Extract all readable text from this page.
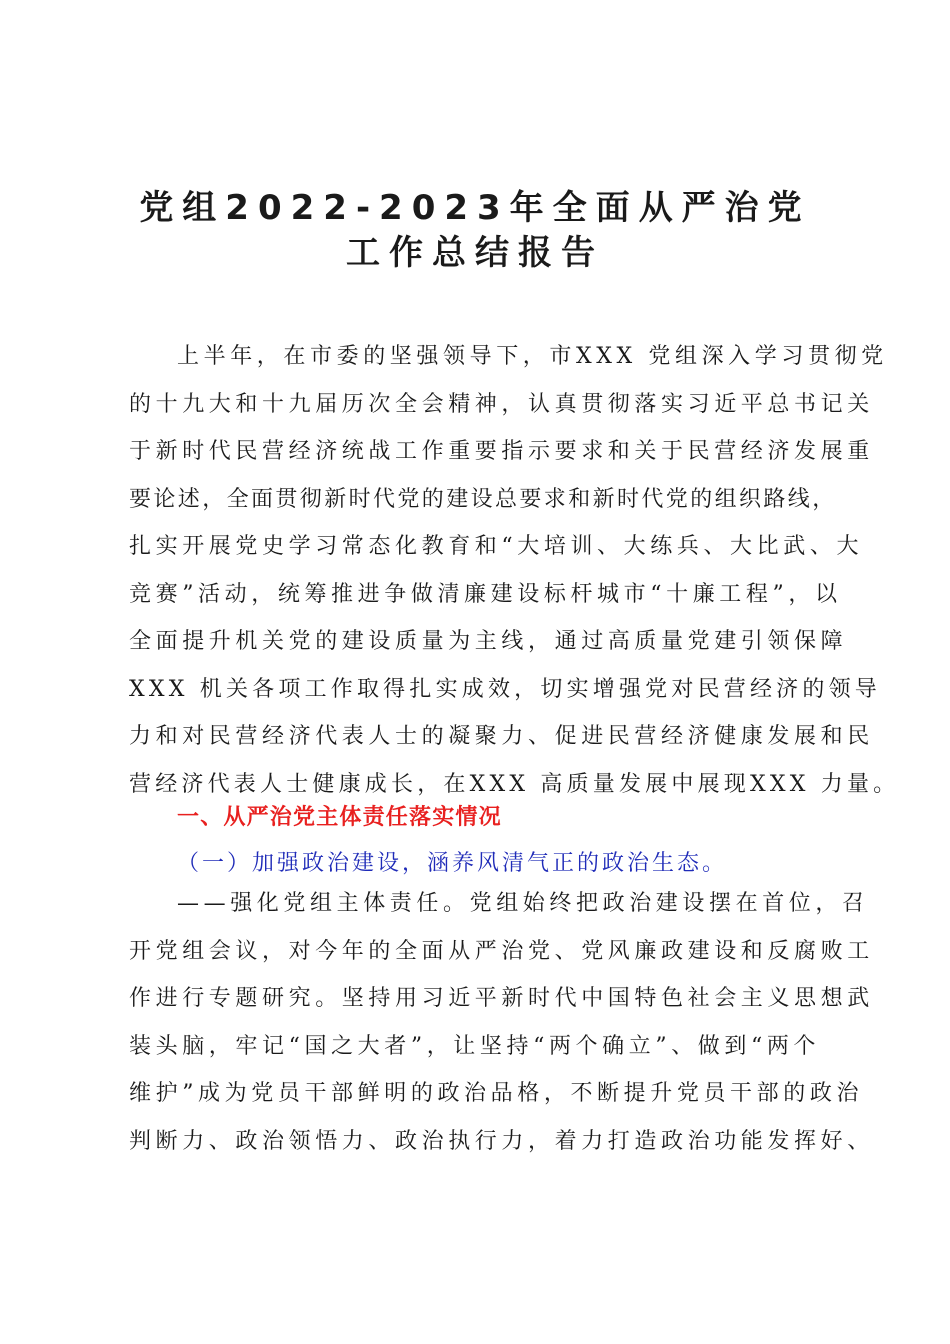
党组2022-2023年全面从严治党
工作总结报告
上半年，在市委的坚强领导下，市XXX 党组深入学习贯彻党
的十九大和十九届历次全会精神，认真贯彻落实习近平总书记关
于新时代民营经济统战工作重要指示要求和关于民营经济发展重
要论述，全面贯彻新时代党的建设总要求和新时代党的组织路线，
扎实开展党史学习常态化教育和“大培训、大练兵、大比武、大
竞赛”活动，统筹推进争做清廉建设标杆城市“十廉工程”，以
全面提升机关党的建设质量为主线，通过高质量党建引领保障
XXX 机关各项工作取得扎实成效，切实增强党对民营经济的领导
力和对民营经济代表人士的凝聚力、促进民营经济健康发展和民
营经济代表人士健康成长，在XXX 高质量发展中展现XXX 力量。
一、从严治党主体责任落实情况
（一）加强政治建设，涵养风清气正的政治生态。
——强化党组主体责任。党组始终把政治建设摆在首位，召
开党组会议，对今年的全面从严治党、党风廉政建设和反腐败工
作进行专题研究。坚持用习近平新时代中国特色社会主义思想武
装头脑，牢记“国之大者”，让坚持“两个确立”、做到“两个
维护”成为党员干部鲜明的政治品格，不断提升党员干部的政治
判断力、政治领悟力、政治执行力，着力打造政治功能发挥好、
